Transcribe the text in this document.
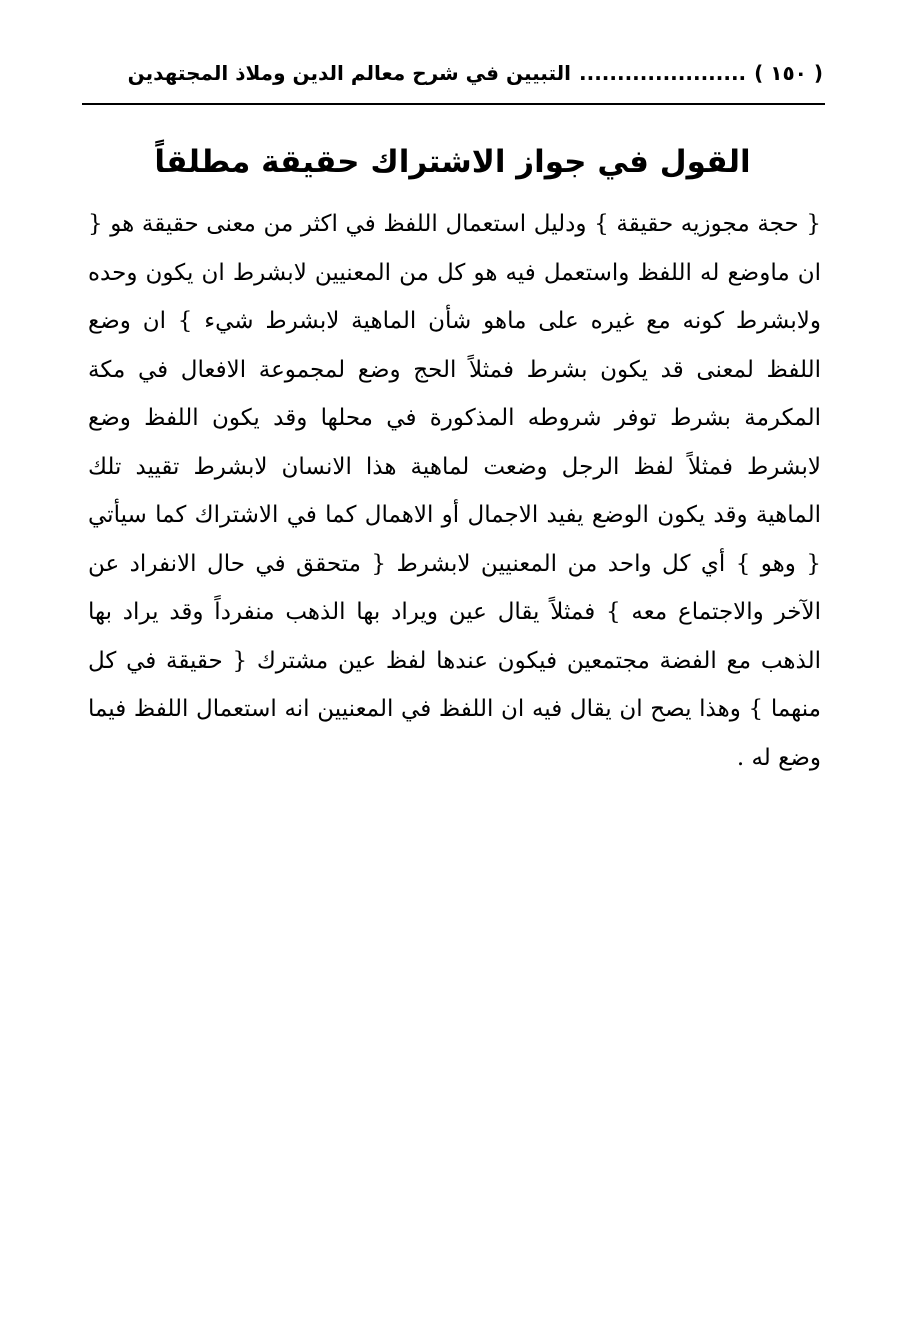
( ١٥٠ )
......................
التبيين في شرح معالم الدين وملاذ المجتهدين
القول في جواز الاشتراك حقيقة مطلقاً

{ حجة مجوزيه حقيقة } ودليل استعمال اللفظ في اكثر من معنى حقيقة هو { ان ماوضع له اللفظ واستعمل فيه هو كل من المعنيين لابشرط ان يكون وحده ولابشرط كونه مع غيره على ماهو شأن الماهية لابشرط شيء } ان وضع اللفظ لمعنى قد يكون بشرط فمثلاً الحج وضع لمجموعة الافعال في مكة المكرمة بشرط توفر شروطه المذكورة في محلها وقد يكون اللفظ وضع لابشرط فمثلاً لفظ الرجل وضعت لماهية هذا الانسان لابشرط تقييد تلك الماهية وقد يكون الوضع يفيد الاجمال أو الاهمال كما في الاشتراك كما سيأتي { وهو } أي كل واحد من المعنيين لابشرط { متحقق في حال الانفراد عن الآخر والاجتماع معه } فمثلاً يقال عين ويراد بها الذهب منفرداً وقد يراد بها الذهب مع الفضة مجتمعين فيكون عندها لفظ عين مشترك { حقيقة في كل منهما } وهذا يصح ان يقال فيه ان اللفظ في المعنيين انه استعمال اللفظ فيما وضع له .
